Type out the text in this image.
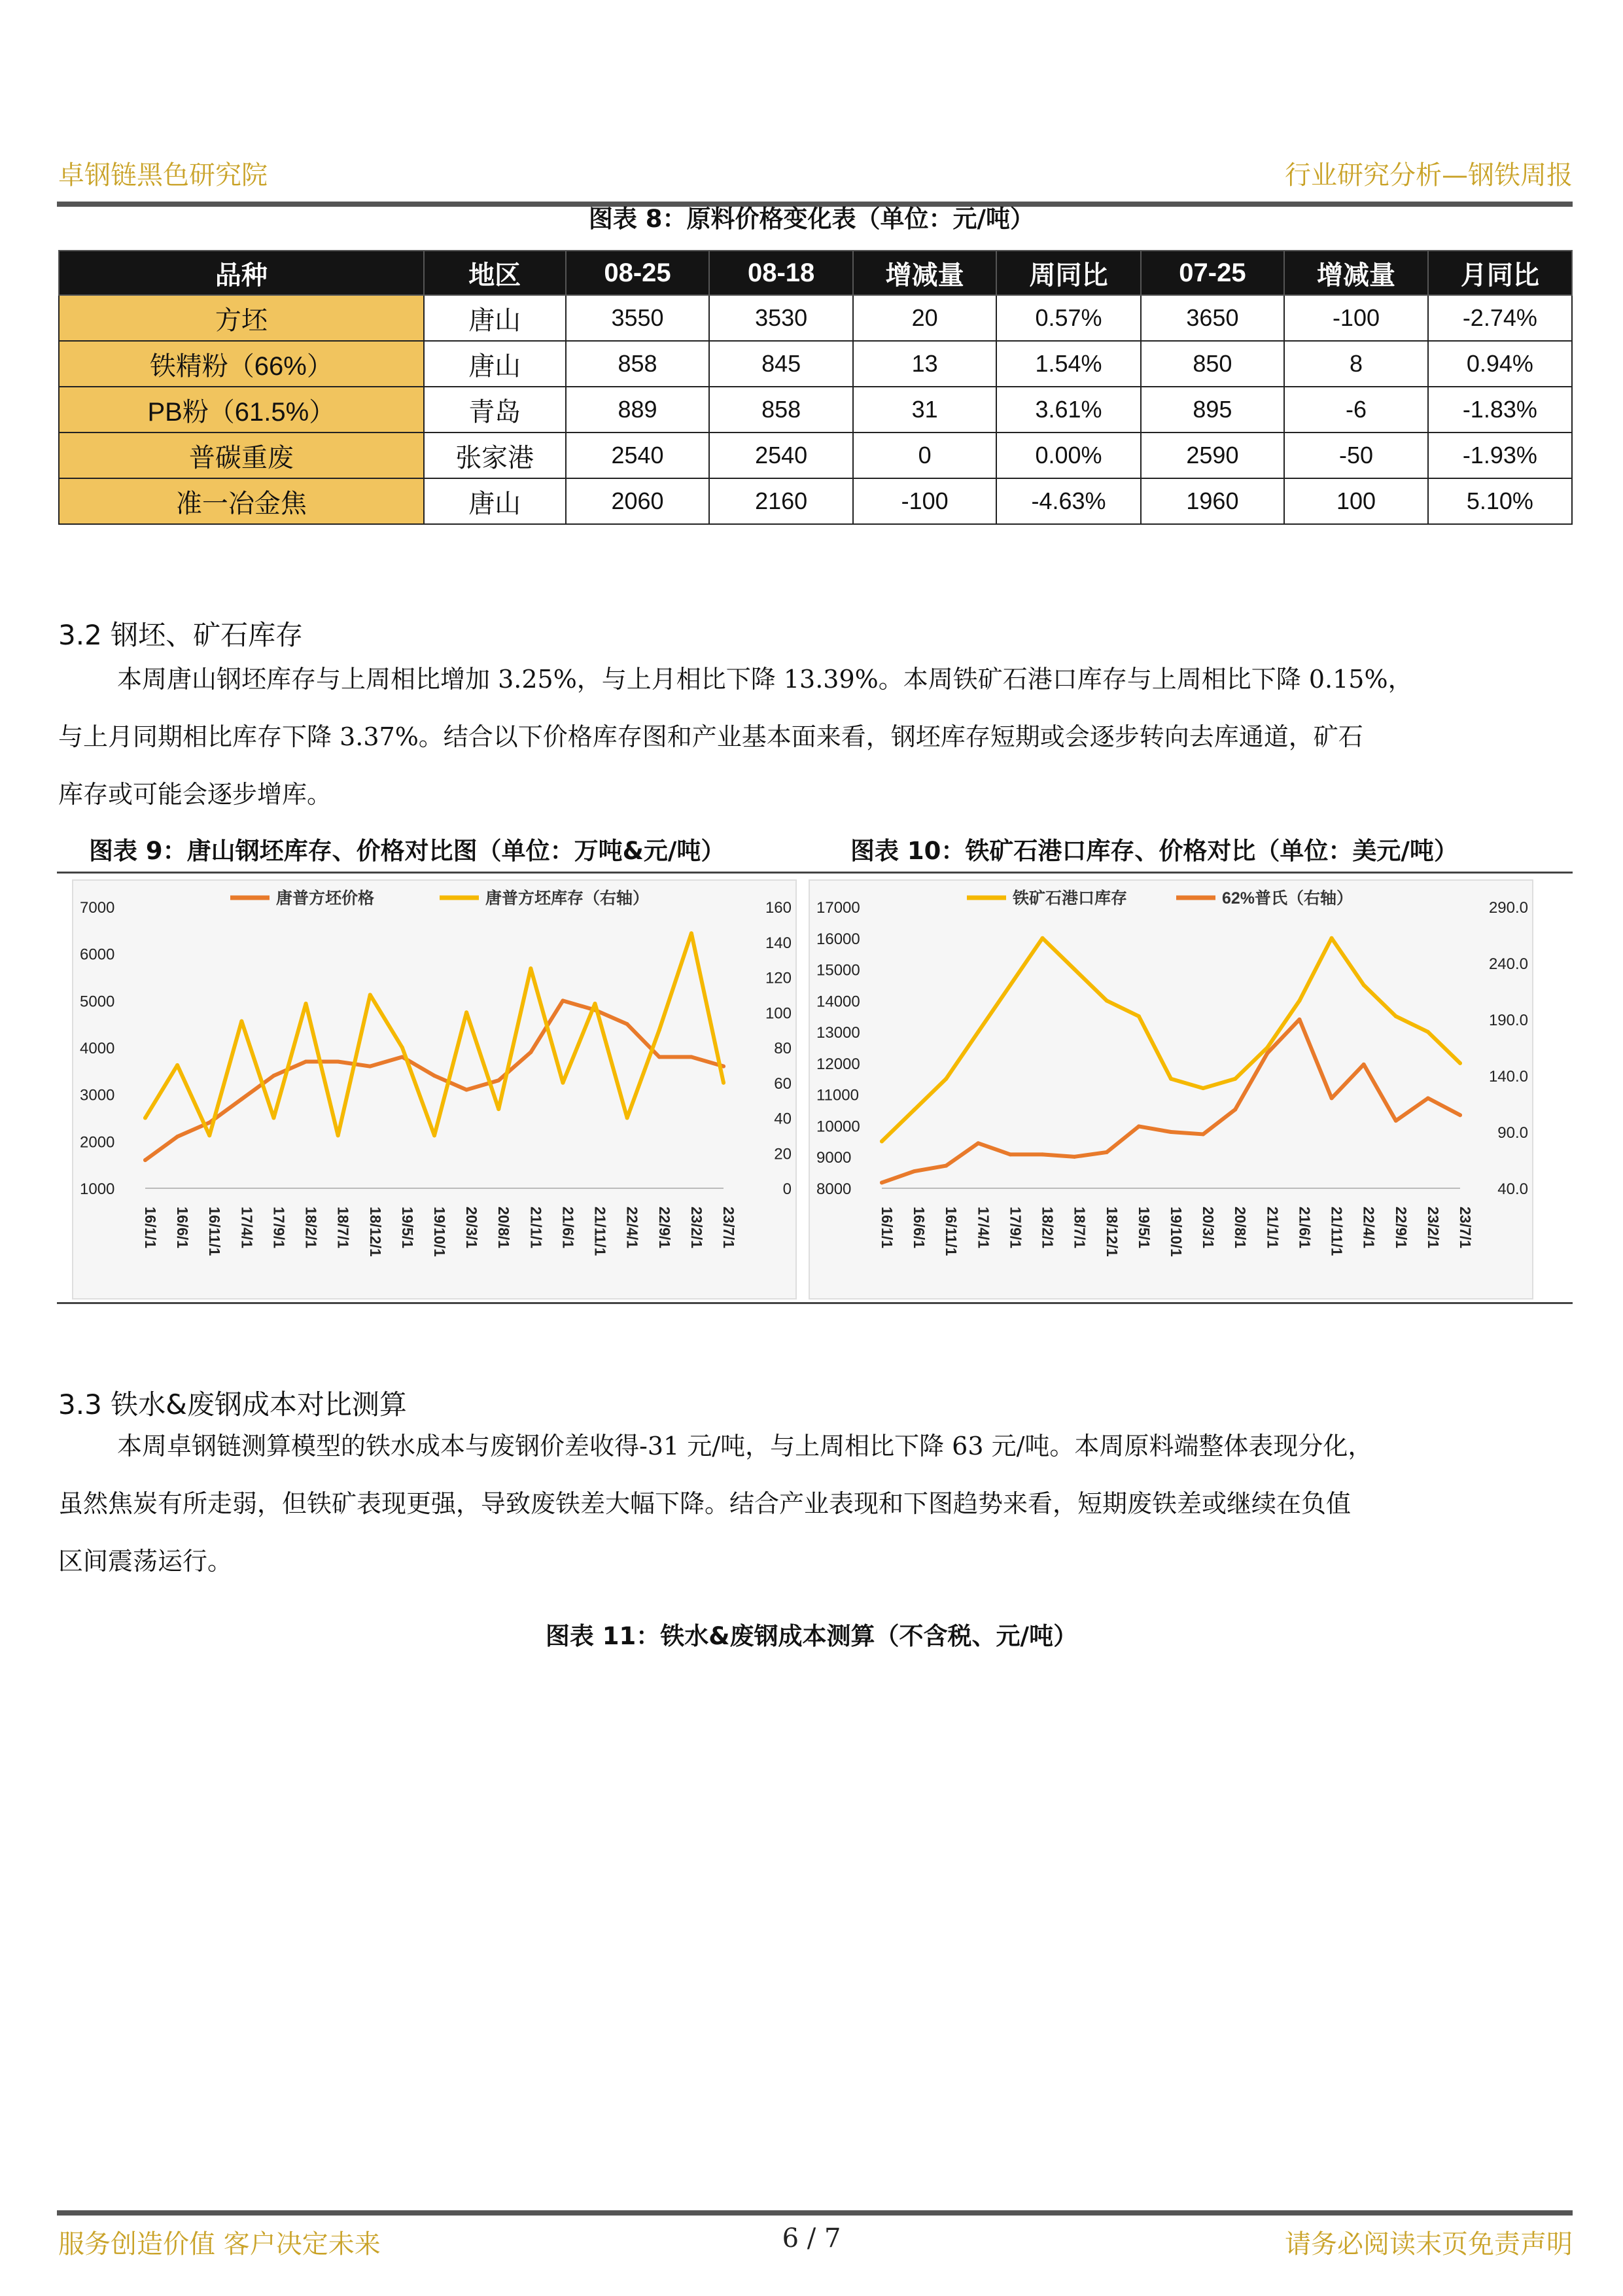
卓钢链黑色研究院	行业研究分析—钢铁周报
图表 8：原料价格变化表（单位：元/吨）
品种	地区	08-25	08-18	增减量	周同比	07-25	增减量	月同比
方坯	唐山	3550	3530	20	0.57%	3650	-100	-2.74%
铁精粉（66%）	唐山	858	845	13	1.54%	850	8	0.94%
PB粉（61.5%）	青岛	889	858	31	3.61%	895	-6	-1.83%
普碳重废	张家港	2540	2540	0	0.00%	2590	-50	-1.93%
准一冶金焦	唐山	2060	2160	-100	-4.63%	1960	100	5.10%
3.2 钢坯、矿石库存

本周唐山钢坯库存与上周相比增加 3.25%，与上月相比下降 13.39%。本周铁矿石港口库存与上周相比下降 0.15%，

与上月同期相比库存下降 3.37%。结合以下价格库存图和产业基本面来看，钢坯库存短期或会逐步转向去库通道，矿石

库存或可能会逐步增库。

图表 9：唐山钢坯库存、价格对比图（单位：万吨&元/吨）	图表 10：铁矿石港口库存、价格对比（单位：美元/吨）
1000
2000
3000
4000
5000
6000
7000
0
20
40
60
80
100
120
140
160
16/1/1 16/6/1 16/11/1 17/4/1 17/9/1 18/2/1 18/7/1 18/12/1 19/5/1 19/10/1 20/3/1 20/8/1 21/1/1 21/6/1 21/11/1 22/4/1 22/9/1 23/2/1 23/7/1
唐普方坯价格	唐普方坯库存（右轴）
8000
9000
10000
11000
12000
13000
14000
15000
16000
17000
40.0
90.0
140.0
190.0
240.0
290.0
16/1/1 16/6/1 16/11/1 17/4/1 17/9/1 18/2/1 18/7/1 18/12/1 19/5/1 19/10/1 20/3/1 20/8/1 21/1/1 21/6/1 21/11/1 22/4/1 22/9/1 23/2/1 23/7/1
铁矿石港口库存	62%普氏（右轴）
3.3 铁水&废钢成本对比测算

本周卓钢链测算模型的铁水成本与废钢价差收得-31 元/吨，与上周相比下降 63 元/吨。本周原料端整体表现分化，

虽然焦炭有所走弱，但铁矿表现更强，导致废铁差大幅下降。结合产业表现和下图趋势来看，短期废铁差或继续在负值

区间震荡运行。

图表 11：铁水&废钢成本测算（不含税、元/吨）
服务创造价值 客户决定未来	6 / 7	请务必阅读末页免责声明
